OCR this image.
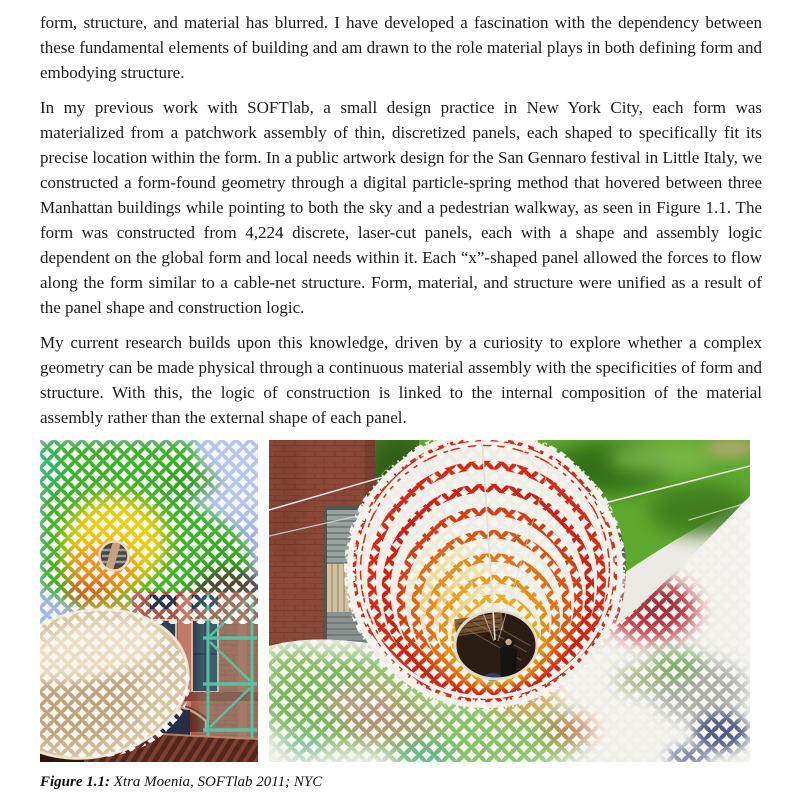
form, structure, and material has blurred. I have developed a fascination with the dependency between these fundamental elements of building and am drawn to the role material plays in both defining form and embodying structure.

In my previous work with SOFTlab, a small design practice in New York City, each form was materialized from a patchwork assembly of thin, discretized panels, each shaped to specifically fit its precise location within the form. In a public artwork design for the San Gennaro festival in Little Italy, we constructed a form-found geometry through a digital particle-spring method that hovered between three Manhattan buildings while pointing to both the sky and a pedestrian walkway, as seen in Figure 1.1. The form was constructed from 4,224 discrete, laser-cut panels, each with a shape and assembly logic dependent on the global form and local needs within it. Each “x”-shaped panel allowed the forces to flow along the form similar to a cable-net structure. Form, material, and structure were unified as a result of the panel shape and construction logic.

My current research builds upon this knowledge, driven by a curiosity to explore whether a complex geometry can be made physical through a continuous material assembly with the specificities of form and structure. With this, the logic of construction is linked to the internal composition of the material assembly rather than the external shape of each panel.

Figure 1.1: Xtra Moenia, SOFTlab 2011; NYC
